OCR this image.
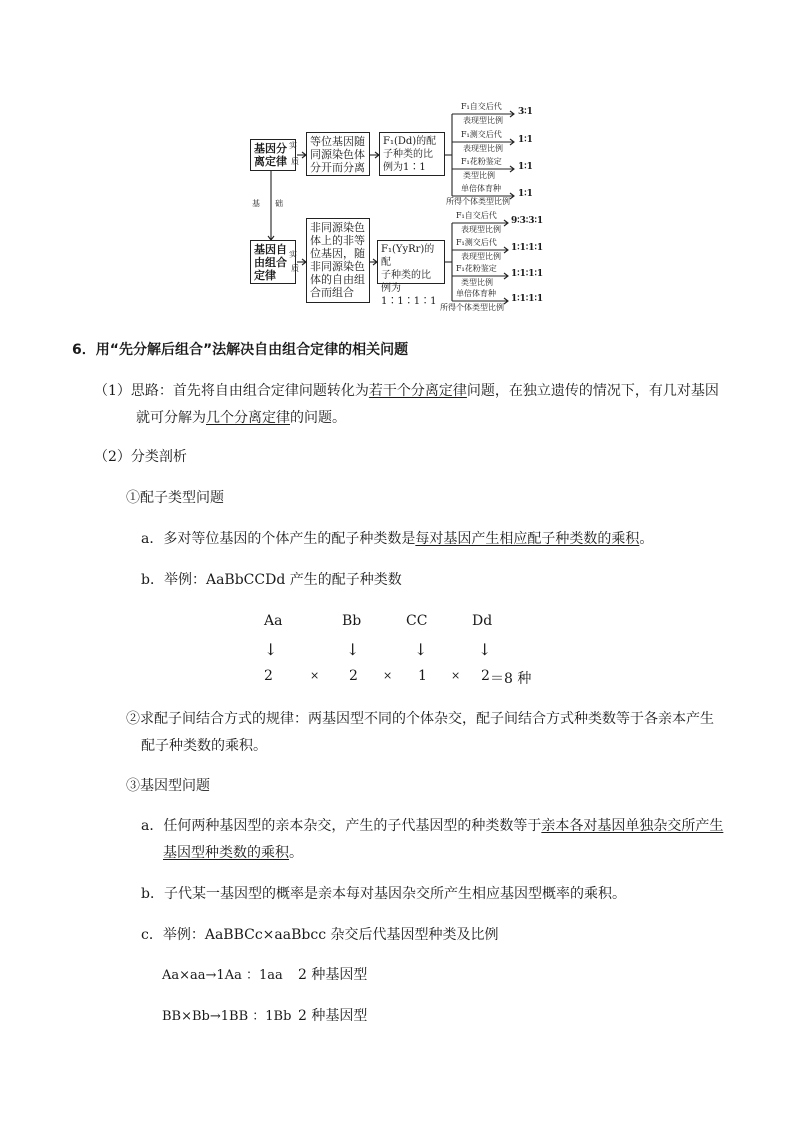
基因分
离定律
实
质
等位基因随
同源染色体
分开而分离
F₁(Dd)的配
子种类的比
例为1∶1
F₁自交后代
表现型比例
3∶1
F₁测交后代
表现型比例
1∶1
F₁花粉鉴定
类型比例
1∶1
单倍体育种
所得个体类型比例
1∶1
基 础
基因自
由组合
定律
实
质
非同源染色
体上的非等
位基因，随
非同源染色
体的自由组
合而组合
F₁(YyRr)的配
子种类的比
例为1∶1∶1∶1
F₁自交后代
表现型比例
9∶3∶3∶1
F₁测交后代
表现型比例
1∶1∶1∶1
F₁花粉鉴定
类型比例
1∶1∶1∶1
单倍体育种
所得个体类型比例
1∶1∶1∶1
6．用“先分解后组合”法解决自由组合定律的相关问题
（1）思路：首先将自由组合定律问题转化为若干个分离定律问题，在独立遗传的情况下，有几对基因
就可分解为几个分离定律的问题。
（2）分类剖析
①配子类型问题
a．多对等位基因的个体产生的配子种类数是每对基因产生相应配子种类数的乘积。
b．举例：AaBbCCDd 产生的配子种类数
Aa	Bb	CC	Dd
↓	↓	↓	↓
2	× 2 × 1 × 2 ＝8 种
②求配子间结合方式的规律：两基因型不同的个体杂交，配子间结合方式种类数等于各亲本产生
配子种类数的乘积。
③基因型问题
a．任何两种基因型的亲本杂交，产生的子代基因型的种类数等于亲本各对基因单独杂交所产生
基因型种类数的乘积。
b．子代某一基因型的概率是亲本每对基因杂交所产生相应基因型概率的乘积。
c．举例：AaBBCc×aaBbcc 杂交后代基因型种类及比例
Aa×aa→1Aa ：1aa 2 种基因型
BB×Bb→1BB ：1Bb 2 种基因型
